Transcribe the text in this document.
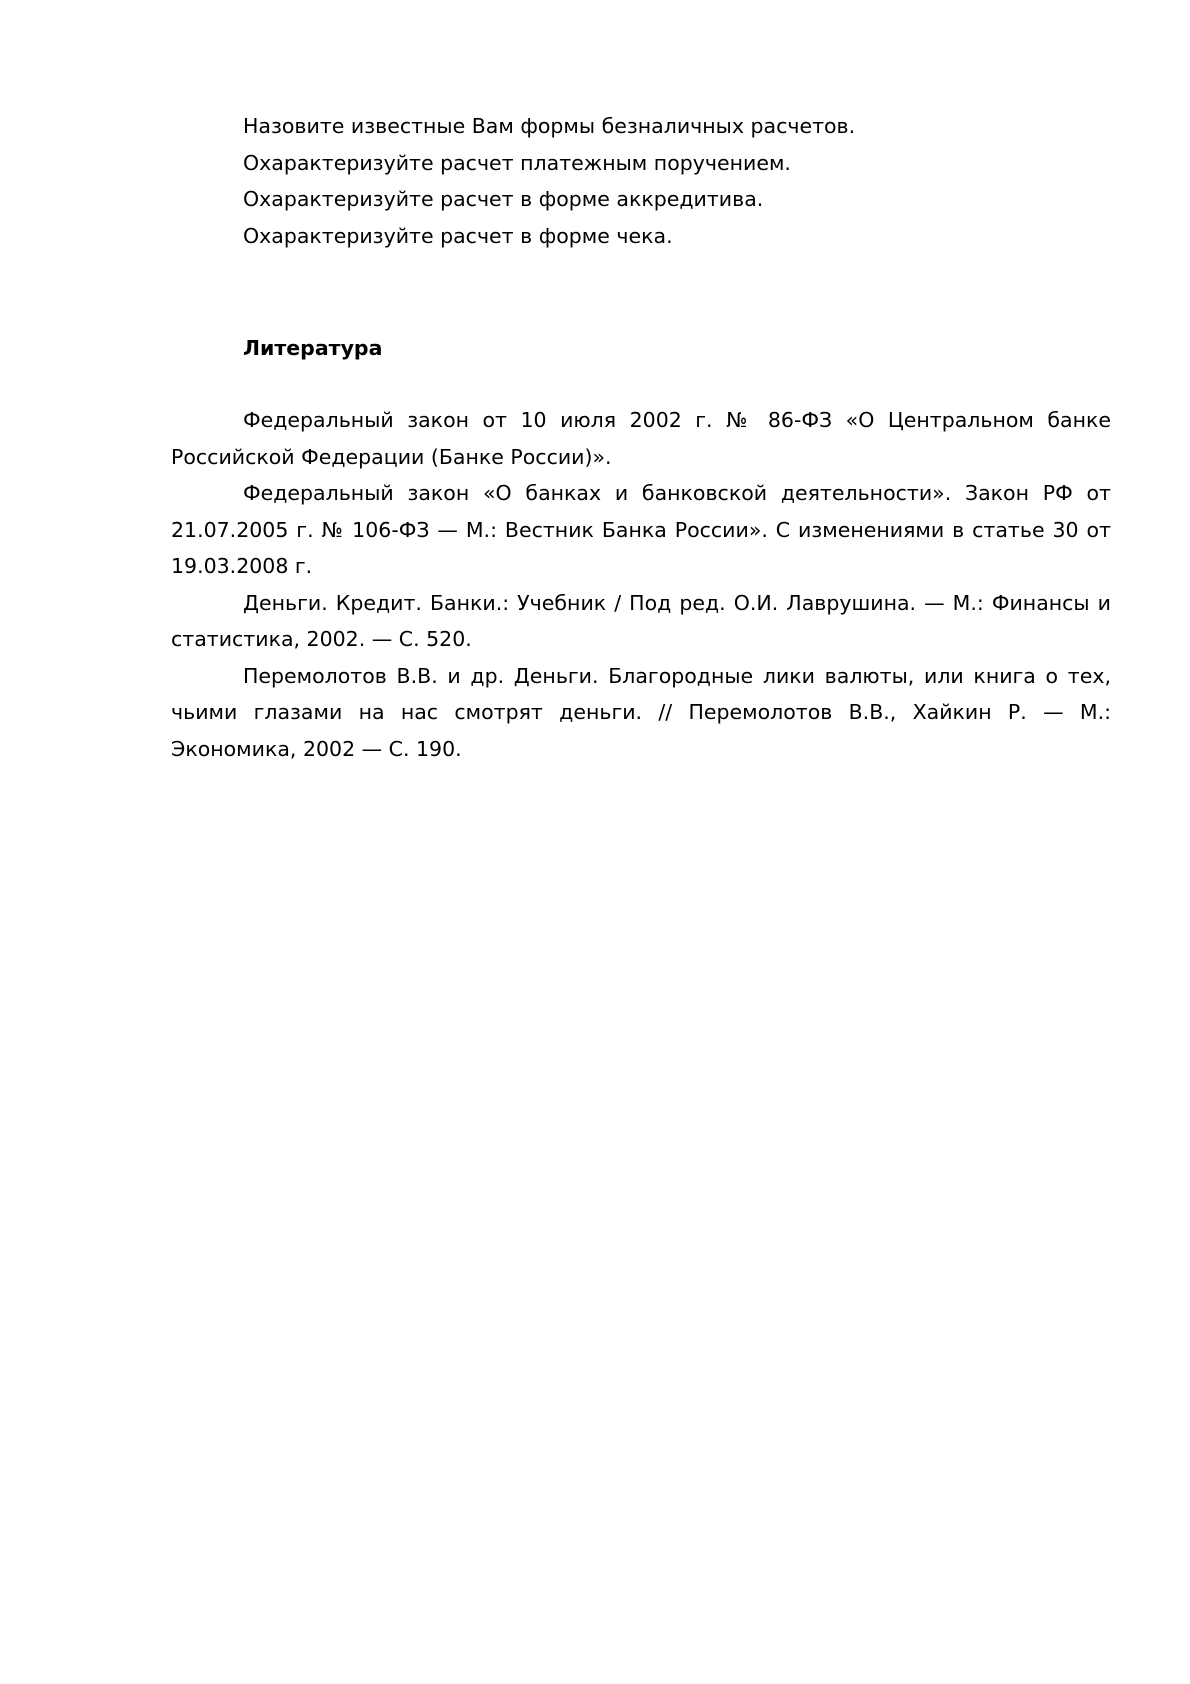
Назовите известные Вам формы безналичных расчетов.

Охарактеризуйте расчет платежным поручением.

Охарактеризуйте расчет в форме аккредитива.

Охарактеризуйте расчет в форме чека.

Литература

Федеральный закон от 10 июля 2002 г. № 86-ФЗ «О Центральном банке Российской Федерации (Банке России)».

Федеральный закон «О банках и банковской деятельности». Закон РФ от 21.07.2005 г. № 106-ФЗ — М.: Вестник Банка России». С изменениями в статье 30 от 19.03.2008 г.

Деньги. Кредит. Банки.: Учебник / Под ред. О.И. Лаврушина. — М.: Финансы и статистика, 2002. — С. 520.

Перемолотов В.В. и др. Деньги. Благородные лики валюты, или книга о тех, чьими глазами на нас смотрят деньги. // Перемолотов В.В., Хайкин Р. — М.: Экономика, 2002 — С. 190.
